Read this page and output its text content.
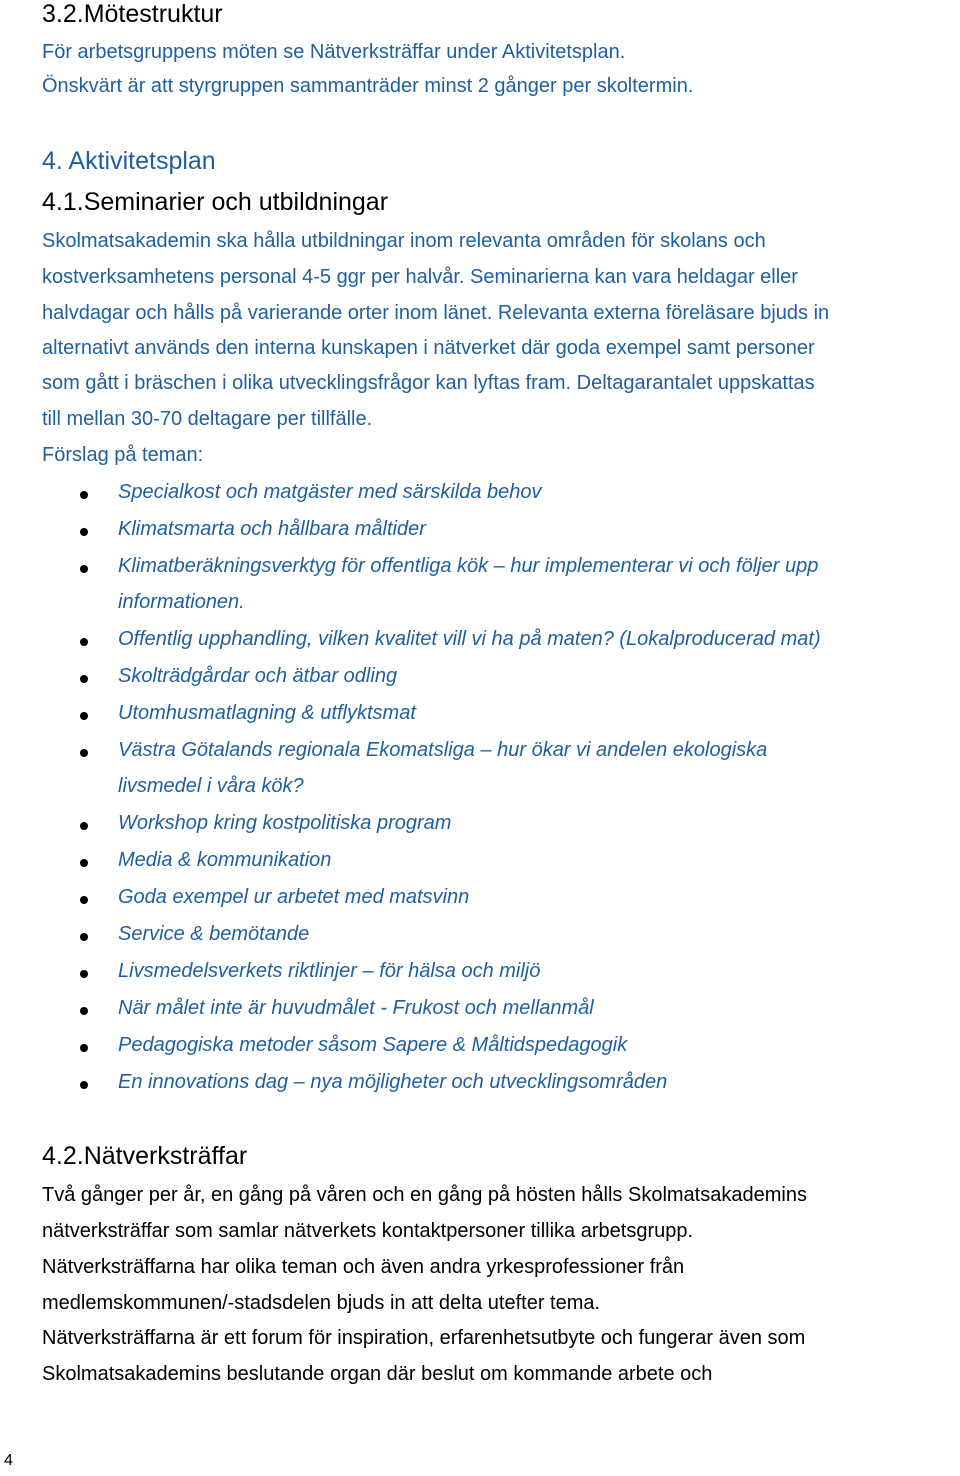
3.2.Mötestruktur
För arbetsgruppens möten se Nätverksträffar under Aktivitetsplan.
Önskvärt är att styrgruppen sammanträder minst 2 gånger per skoltermin.
4. Aktivitetsplan
4.1.Seminarier och utbildningar
Skolmatsakademin ska hålla utbildningar inom relevanta områden för skolans och
kostverksamhetens personal 4-5 ggr per halvår. Seminarierna kan vara heldagar eller
halvdagar och hålls på varierande orter inom länet. Relevanta externa föreläsare bjuds in
alternativt används den interna kunskapen i nätverket där goda exempel samt personer
som gått i bräschen i olika utvecklingsfrågor kan lyftas fram. Deltagarantalet uppskattas
till mellan 30-70 deltagare per tillfälle.
Förslag på teman:
Specialkost och matgäster med särskilda behov
Klimatsmarta och hållbara måltider
Klimatberäkningsverktyg för offentliga kök – hur implementerar vi och följer upp
informationen.
Offentlig upphandling, vilken kvalitet vill vi ha på maten? (Lokalproducerad mat)
Skolträdgårdar och ätbar odling
Utomhusmatlagning & utflyktsmat
Västra Götalands regionala Ekomatsliga – hur ökar vi andelen ekologiska
livsmedel i våra kök?
Workshop kring kostpolitiska program
Media & kommunikation
Goda exempel ur arbetet med matsvinn
Service & bemötande
Livsmedelsverkets riktlinjer – för hälsa och miljö
När målet inte är huvudmålet - Frukost och mellanmål
Pedagogiska metoder såsom Sapere & Måltidspedagogik
En innovations dag – nya möjligheter och utvecklingsområden
4.2.Nätverksträffar
Två gånger per år, en gång på våren och en gång på hösten hålls Skolmatsakademins
nätverksträffar som samlar nätverkets kontaktpersoner tillika arbetsgrupp.
Nätverksträffarna har olika teman och även andra yrkesprofessioner från
medlemskommunen/-stadsdelen bjuds in att delta utefter tema.
Nätverksträffarna är ett forum för inspiration, erfarenhetsutbyte och fungerar även som
Skolmatsakademins beslutande organ där beslut om kommande arbete och
4
